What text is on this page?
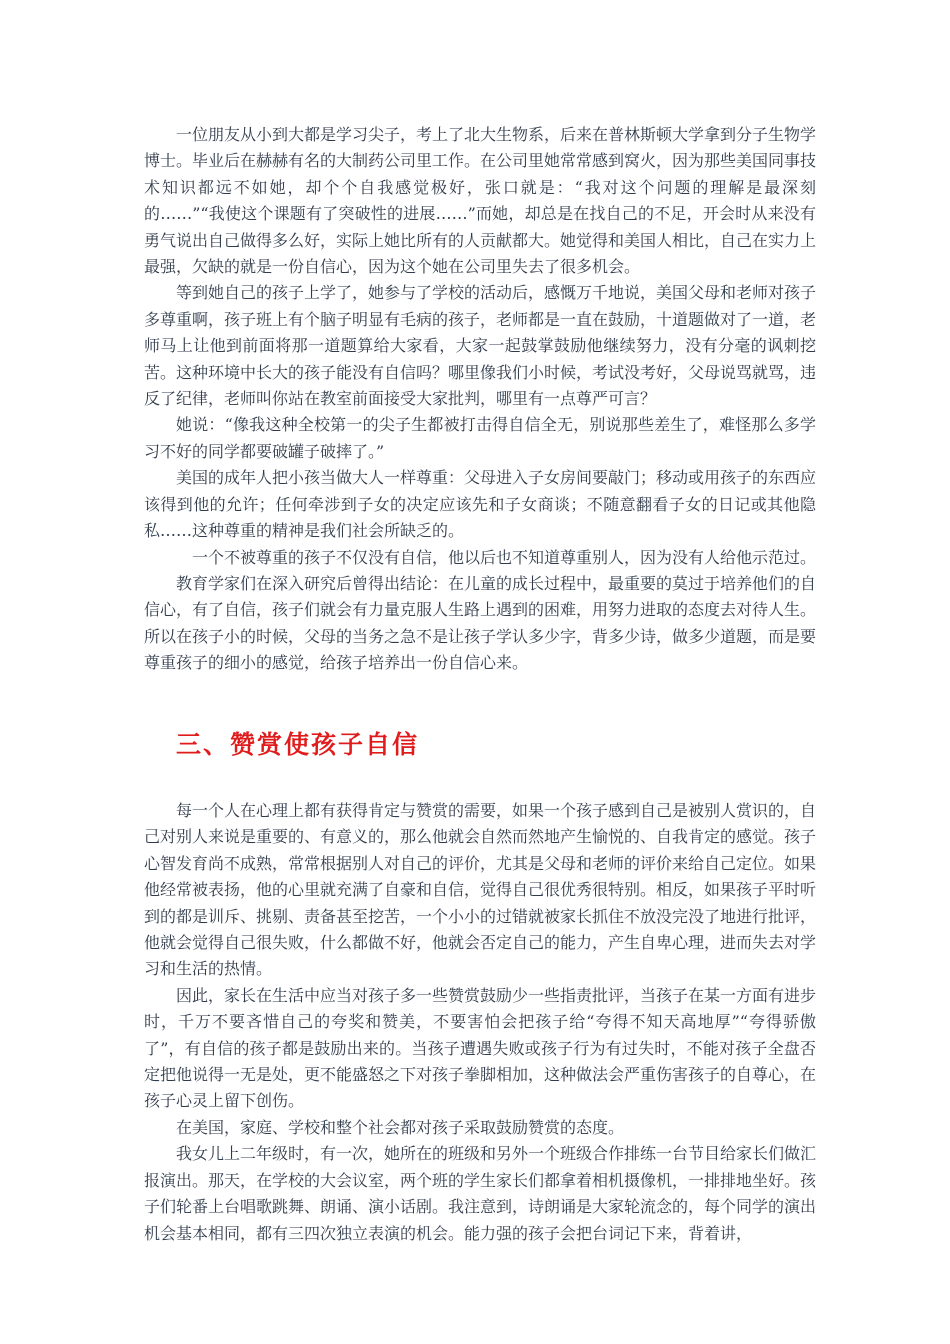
一位朋友从小到大都是学习尖子，考上了北大生物系，后来在普林斯顿大学拿到分子生物学博士。毕业后在赫赫有名的大制药公司里工作。在公司里她常常感到窝火，因为那些美国同事技术知识都远不如她，却个个自我感觉极好，张口就是：“我对这个问题的理解是最深刻的……”“我使这个课题有了突破性的进展……”而她，却总是在找自己的不足，开会时从来没有勇气说出自己做得多么好，实际上她比所有的人贡献都大。她觉得和美国人相比，自己在实力上最强，欠缺的就是一份自信心，因为这个她在公司里失去了很多机会。

等到她自己的孩子上学了，她参与了学校的活动后，感慨万千地说，美国父母和老师对孩子多尊重啊，孩子班上有个脑子明显有毛病的孩子，老师都是一直在鼓励，十道题做对了一道，老师马上让他到前面将那一道题算给大家看，大家一起鼓掌鼓励他继续努力，没有分毫的讽刺挖苦。这种环境中长大的孩子能没有自信吗？哪里像我们小时候，考试没考好，父母说骂就骂，违反了纪律，老师叫你站在教室前面接受大家批判，哪里有一点尊严可言？

她说：“像我这种全校第一的尖子生都被打击得自信全无，别说那些差生了，难怪那么多学习不好的同学都要破罐子破摔了。”

美国的成年人把小孩当做大人一样尊重：父母进入子女房间要敲门；移动或用孩子的东西应该得到他的允许；任何牵涉到子女的决定应该先和子女商谈；不随意翻看子女的日记或其他隐私……这种尊重的精神是我们社会所缺乏的。

一个不被尊重的孩子不仅没有自信，他以后也不知道尊重别人，因为没有人给他示范过。

教育学家们在深入研究后曾得出结论：在儿童的成长过程中，最重要的莫过于培养他们的自信心，有了自信，孩子们就会有力量克服人生路上遇到的困难，用努力进取的态度去对待人生。所以在孩子小的时候，父母的当务之急不是让孩子学认多少字，背多少诗，做多少道题，而是要尊重孩子的细小的感觉，给孩子培养出一份自信心来。

三、赞赏使孩子自信

每一个人在心理上都有获得肯定与赞赏的需要，如果一个孩子感到自己是被别人赏识的，自己对别人来说是重要的、有意义的，那么他就会自然而然地产生愉悦的、自我肯定的感觉。孩子心智发育尚不成熟，常常根据别人对自己的评价，尤其是父母和老师的评价来给自己定位。如果他经常被表扬，他的心里就充满了自豪和自信，觉得自己很优秀很特别。相反，如果孩子平时听到的都是训斥、挑剔、责备甚至挖苦，一个小小的过错就被家长抓住不放没完没了地进行批评，他就会觉得自己很失败，什么都做不好，他就会否定自己的能力，产生自卑心理，进而失去对学习和生活的热情。

因此，家长在生活中应当对孩子多一些赞赏鼓励少一些指责批评，当孩子在某一方面有进步时，千万不要吝惜自己的夸奖和赞美，不要害怕会把孩子给“夸得不知天高地厚”“夸得骄傲了”，有自信的孩子都是鼓励出来的。当孩子遭遇失败或孩子行为有过失时，不能对孩子全盘否定把他说得一无是处，更不能盛怒之下对孩子拳脚相加，这种做法会严重伤害孩子的自尊心，在孩子心灵上留下创伤。

在美国，家庭、学校和整个社会都对孩子采取鼓励赞赏的态度。

我女儿上二年级时，有一次，她所在的班级和另外一个班级合作排练一台节目给家长们做汇报演出。那天，在学校的大会议室，两个班的学生家长们都拿着相机摄像机，一排排地坐好。孩子们轮番上台唱歌跳舞、朗诵、演小话剧。我注意到，诗朗诵是大家轮流念的，每个同学的演出机会基本相同，都有三四次独立表演的机会。能力强的孩子会把台词记下来，背着讲，
